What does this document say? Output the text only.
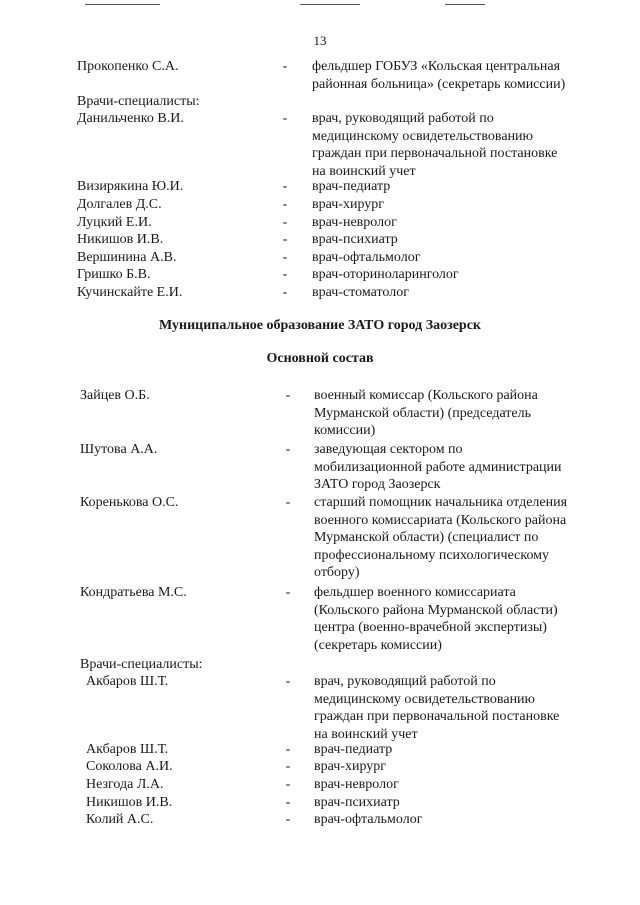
13
Прокопенко С.А.	- фельдшер ГОБУЗ «Кольская центральная
районная больница» (секретарь комиссии)
Врачи-специалисты:
Данильченко В.И.	- врач, руководящий работой по
медицинскому освидетельствованию
граждан при первоначальной постановке
на воинский учет
Визирякина Ю.И.	- врач-педиатр
Долгалев Д.С.	- врач-хирург
Луцкий Е.И.	- врач-невролог
Никишов И.В.	- врач-психиатр
Вершинина А.В.	- врач-офтальмолог
Гришко Б.В.	- врач-оториноларинголог
Кучинскайте Е.И.	- врач-стоматолог
Муниципальное образование ЗАТО город Заозерск
Основной состав
Зайцев О.Б.	- военный комиссар (Кольского района
Мурманской области) (председатель
комиссии)
Шутова А.А.	- заведующая сектором по
мобилизационной работе администрации
ЗАТО город Заозерск
Коренькова О.С.	- старший помощник начальника отделения
военного комиссариата (Кольского района
Мурманской области) (специалист по
профессиональному психологическому
отбору)
Кондратьева М.С.	- фельдшер военного комиссариата
(Кольского района Мурманской области)
центра (военно-врачебной экспертизы)
(секретарь комиссии)
Врачи-специалисты:
Акбаров Ш.Т.	- врач, руководящий работой по
медицинскому освидетельствованию
граждан при первоначальной постановке
на воинский учет
Акбаров Ш.Т.	- врач-педиатр
Соколова А.И.	- врач-хирург
Незгода Л.А.	- врач-невролог
Никишов И.В.	- врач-психиатр
Колий А.С.	- врач-офтальмолог
